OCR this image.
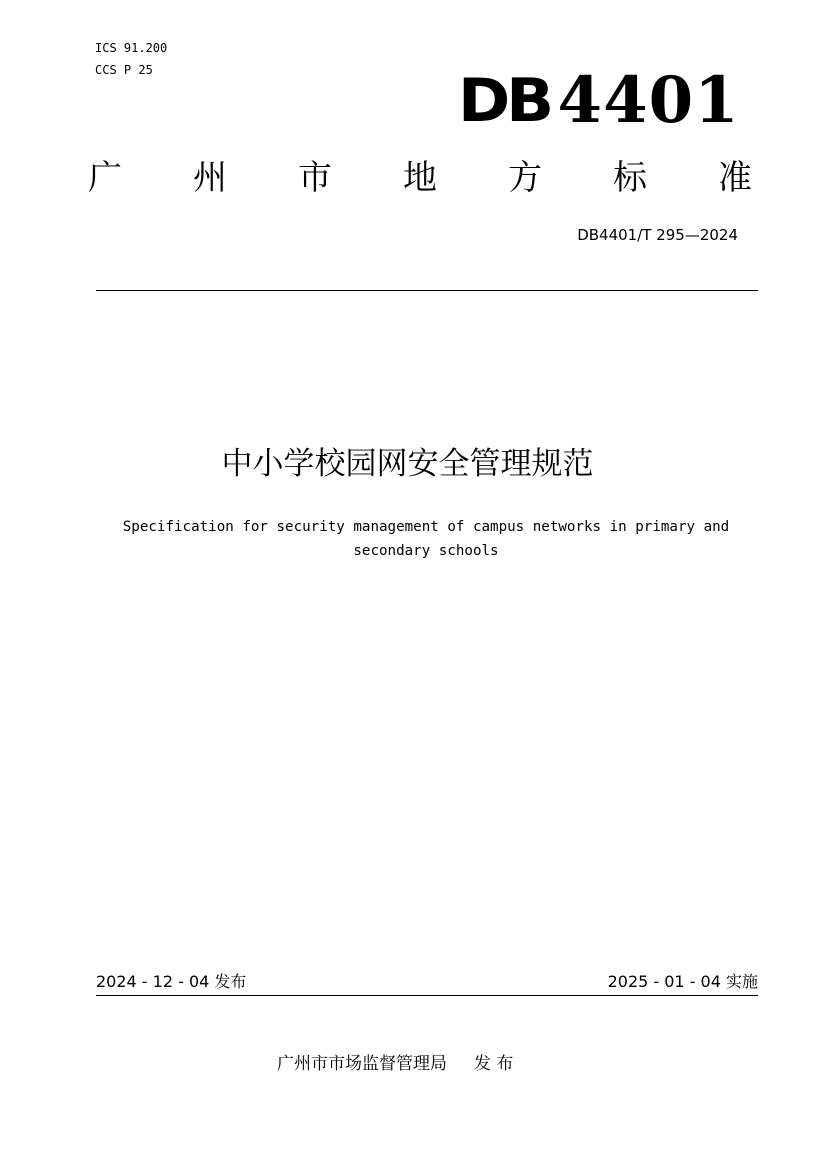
ICS 91.200
CCS P 25	DB 4401
广 州 市 地 方 标 准
DB4401/T 295—2024
中小学校园网安全管理规范
Specification for security management of campus networks in primary and secondary schools
2024 - 12 - 04 发布	2025 - 01 - 04 实施
广州市市场监督管理局     发 布
